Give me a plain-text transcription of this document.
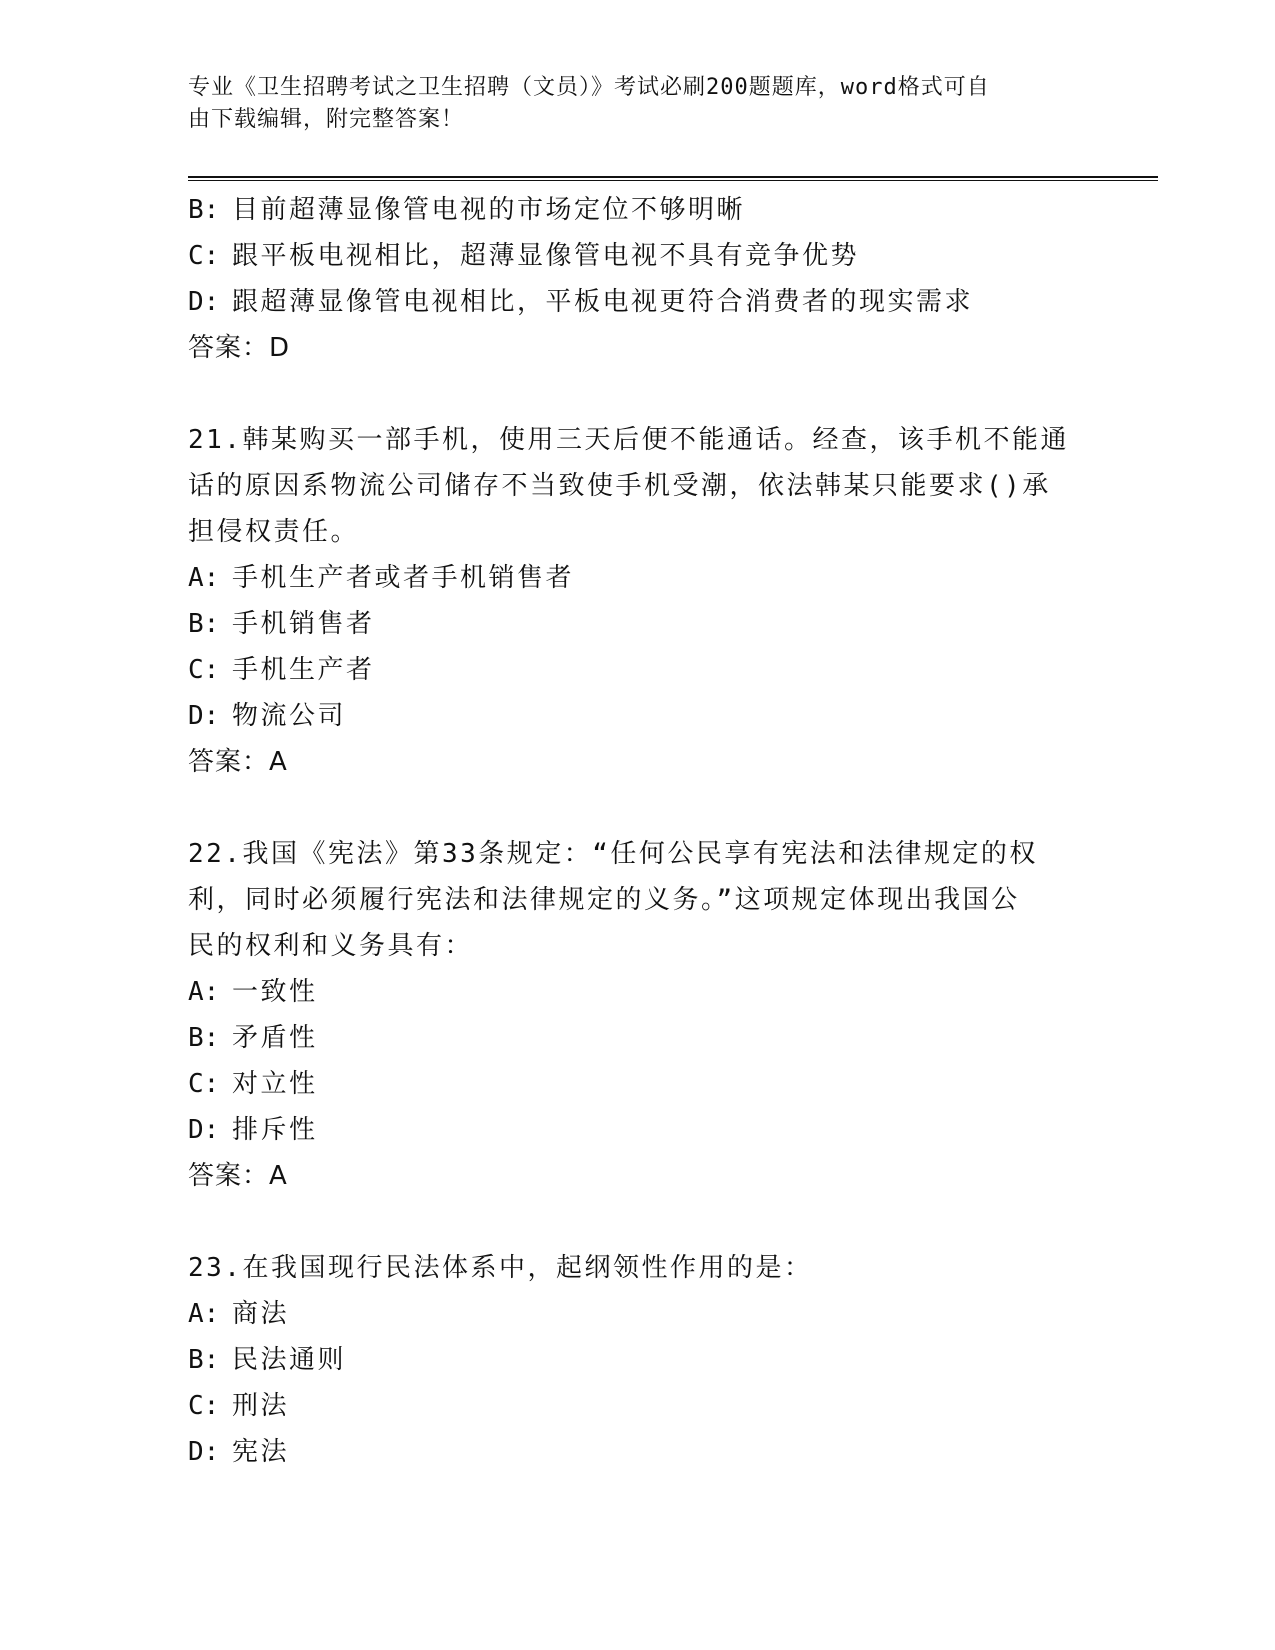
专业《卫生招聘考试之卫生招聘（文员）》考试必刷200题题库，word格式可自
由下载编辑，附完整答案！
B: 目前超薄显像管电视的市场定位不够明晰
C: 跟平板电视相比，超薄显像管电视不具有竞争优势
D: 跟超薄显像管电视相比，平板电视更符合消费者的现实需求
答案：D
21.韩某购买一部手机，使用三天后便不能通话。经查，该手机不能通
话的原因系物流公司储存不当致使手机受潮，依法韩某只能要求()承
担侵权责任。
A: 手机生产者或者手机销售者
B: 手机销售者
C: 手机生产者
D: 物流公司
答案：A
22.我国《宪法》第33条规定：“任何公民享有宪法和法律规定的权
利，同时必须履行宪法和法律规定的义务。”这项规定体现出我国公
民的权利和义务具有：
A: 一致性
B: 矛盾性
C: 对立性
D: 排斥性
答案：A
23.在我国现行民法体系中，起纲领性作用的是：
A: 商法
B: 民法通则
C: 刑法
D: 宪法
